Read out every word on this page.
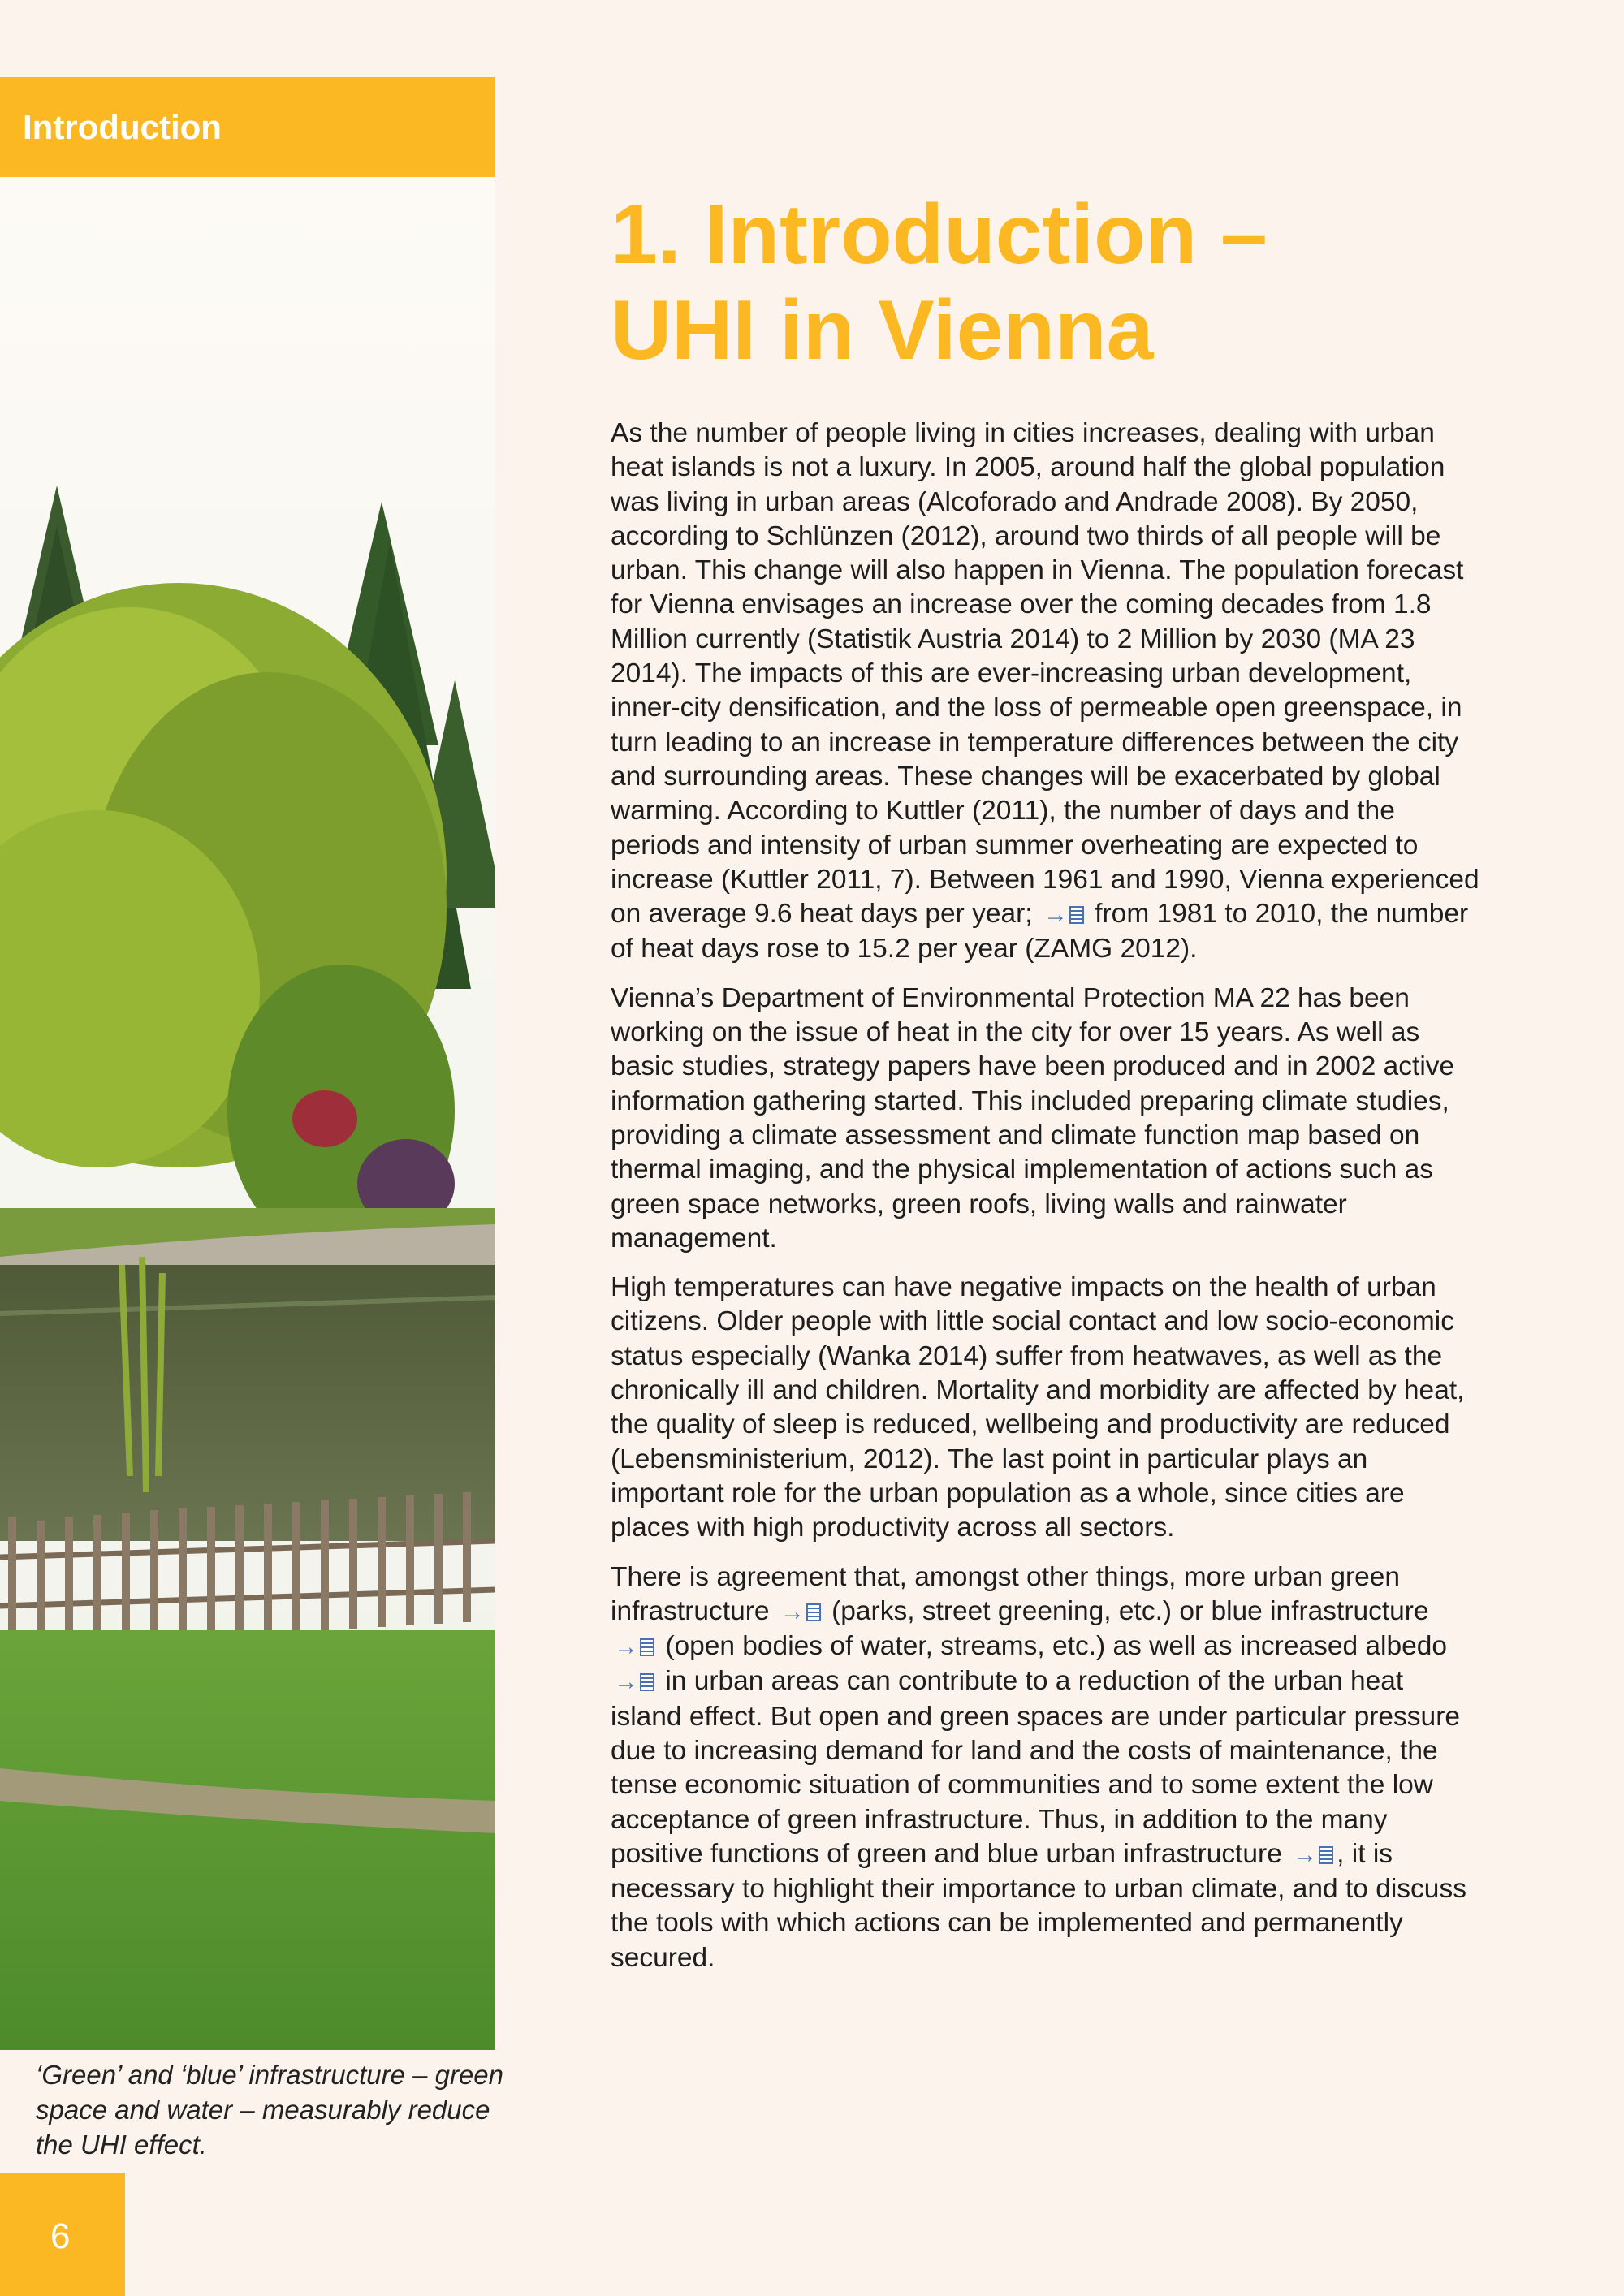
Introduction
‘Green’ and ‘blue’ infrastructure – green space and water – measurably reduce the UHI effect.
6
1. Introduction –
UHI in Vienna

As the number of people living in cities increases, dealing with urban heat islands is not a luxury. In 2005, around half the global population was living in urban areas (Alcoforado and Andrade 2008). By 2050, according to Schlünzen (2012), around two thirds of all people will be urban. This change will also happen in Vienna. The population forecast for Vienna envisages an increase over the coming decades from 1.8 Million currently (Statistik Austria 2014) to 2 Million by 2030 (MA 23 2014). The impacts of this are ever-increasing urban development, inner-city densification, and the loss of permeable open greenspace, in turn leading to an increase in temperature differences between the city and surrounding areas. These changes will be exacerbated by global warming. According to Kuttler (2011), the number of days and the periods and intensity of urban summer overheating are expected to increase (Kuttler 2011, 7). Between 1961 and 1990, Vienna experienced on average 9.6 heat days per year; → from 1981 to 2010, the number of heat days rose to 15.2 per year (ZAMG 2012).

Vienna’s Department of Environmental Protection MA 22 has been working on the issue of heat in the city for over 15 years. As well as basic studies, strategy papers have been produced and in 2002 active information gathering started. This included preparing climate studies, providing a climate assessment and climate function map based on thermal imaging, and the physical implementation of actions such as green space networks, green roofs, living walls and rainwater management.

High temperatures can have negative impacts on the health of urban citizens. Older people with little social contact and low socio-economic status especially (Wanka 2014) suffer from heatwaves, as well as the chronically ill and children. Mortality and morbidity are affected by heat, the quality of sleep is reduced, wellbeing and productivity are reduced (Lebensministerium, 2012). The last point in particular plays an important role for the urban population as a whole, since cities are places with high productivity across all sectors.

There is agreement that, amongst other things, more urban green infrastructure → (parks, street greening, etc.) or blue infrastructure → (open bodies of water, streams, etc.) as well as increased albedo → in urban areas can contribute to a reduction of the urban heat island effect. But open and green spaces are under particular pressure due to increasing demand for land and the costs of maintenance, the tense economic situation of communities and to some extent the low acceptance of green infrastructure. Thus, in addition to the many positive functions of green and blue urban infrastructure → , it is necessary to highlight their importance to urban climate, and to discuss the tools with which actions can be implemented and permanently secured.
